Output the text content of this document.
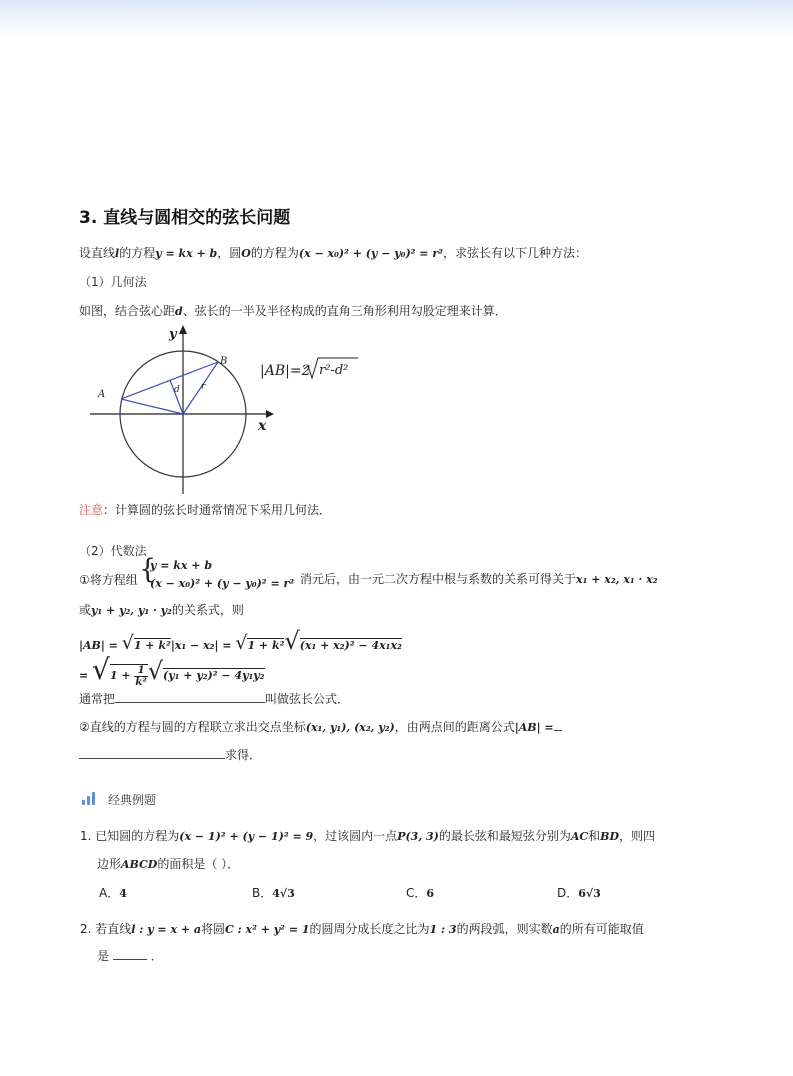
3. 直线与圆相交的弦长问题
设直线l的方程y = kx + b，圆O的方程为(x − x₀)² + (y − y₀)² = r²，求弦长有以下几种方法：
（1）几何法
如图，结合弦心距d、弦长的一半及半径构成的直角三角形利用勾股定理来计算．
A
B
d r
y
x
|AB|=2 r²-d²
注意：计算圆的弦长时通常情况下采用几何法．
（2）代数法
①将方程组 {
y = kx + b
(x − x₀)² + (y − y₀)² = r² 消元后，由一元二次方程中根与系数的关系可得关于x₁ + x₂, x₁ · x₂
或y₁ + y₂, y₁ · y₂的关系式，则
|AB| = √1 + k²|x₁ − x₂| = √1 + k²√(x₁ + x₂)² − 4x₁x₂
= $√1 + \frac{1}{\text{k²}} √(y_1 + y_2)^2 - 4y_1y_2$
通常把	叫做弦长公式．
②直线的方程与圆的方程联立求出交点坐标(x₁, y₁), (x₂, y₂)，由两点间的距离公式|AB| =
求得．
经典例题
1. 已知圆的方程为(x − 1)² + (y − 1)² = 9，过该圆内一点P(3, 3)的最长弦和最短弦分别为AC和BD，则四
边形ABCD的面积是（ ）．
A．4	B．4√3	C．6	D．6√3
2. 若直线l : y = x + a将圆C : x² + y² = 1的圆周分成长度之比为1 : 3的两段弧，则实数a的所有可能取值
是	．
